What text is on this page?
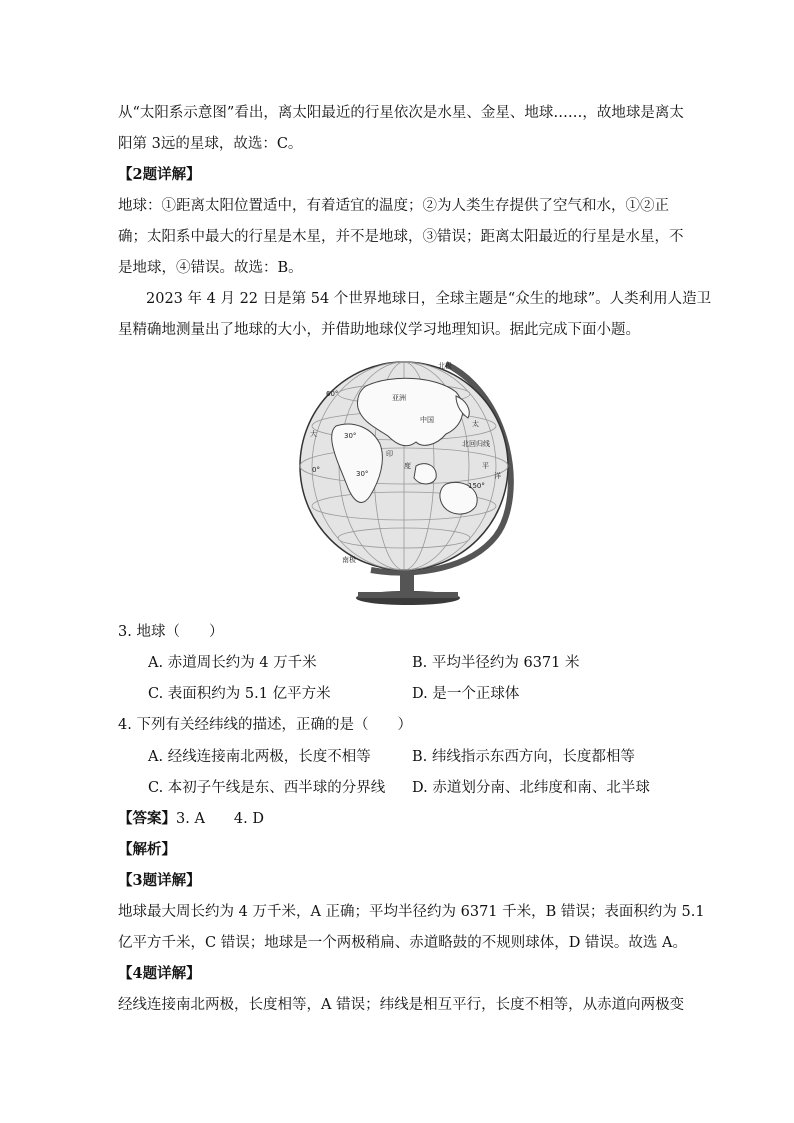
从“太阳系示意图”看出，离太阳最近的行星依次是水星、金星、地球……，故地球是离太
阳第 3远的星球，故选：C。
【2题详解】
地球：①距离太阳位置适中，有着适宜的温度；②为人类生存提供了空气和水，①②正
确；太阳系中最大的行星是木星，并不是地球，③错误；距离太阳最近的行星是水星，不
是地球，④错误。故选：B。
2023 年 4 月 22 日是第 54 个世界地球日，全球主题是“众生的地球”。人类利用人造卫
星精确地测量出了地球的大小，并借助地球仪学习地理知识。据此完成下面小题。
北极
南极
亚洲
中国	太
平
洋
印
度
大
150°
30°
60°
0°	30°
北回归线
3. 地球（　　）
A. 赤道周长约为 4 万千米	B. 平均半径约为 6371 米
C. 表面积约为 5.1 亿平方米	D. 是一个正球体
4. 下列有关经纬线的描述，正确的是（　　）
A. 经线连接南北两极，长度不相等	B. 纬线指示东西方向，长度都相等
C. 本初子午线是东、西半球的分界线 D. 赤道划分南、北纬度和南、北半球
【答案】3. A　　4. D
【解析】
【3题详解】
地球最大周长约为 4 万千米，A 正确；平均半径约为 6371 千米，B 错误；表面积约为 5.1
亿平方千米，C 错误；地球是一个两极稍扁、赤道略鼓的不规则球体，D 错误。故选 A。
【4题详解】
经线连接南北两极，长度相等，A 错误；纬线是相互平行，长度不相等，从赤道向两极变
